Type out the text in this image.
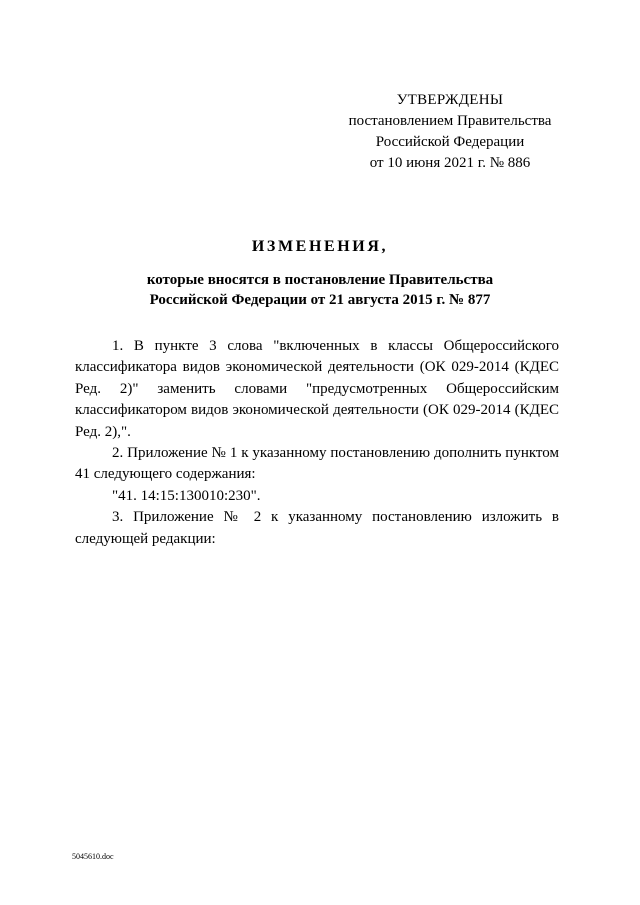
УТВЕРЖДЕНЫ
постановлением Правительства
Российской Федерации
от 10 июня 2021 г. № 886
ИЗМЕНЕНИЯ,
которые вносятся в постановление Правительства
Российской Федерации от 21 августа 2015 г. № 877

1. В пункте 3 слова "включенных в классы Общероссийского классификатора видов экономической деятельности (ОК 029-2014 (КДЕС Ред. 2)" заменить словами "предусмотренных Общероссийским классификатором видов экономической деятельности (ОК 029-2014 (КДЕС Ред. 2),".

2. Приложение № 1 к указанному постановлению дополнить пунктом 41 следующего содержания:

"41. 14:15:130010:230".

3. Приложение № 2 к указанному постановлению изложить в следующей редакции:

5045610.doc
